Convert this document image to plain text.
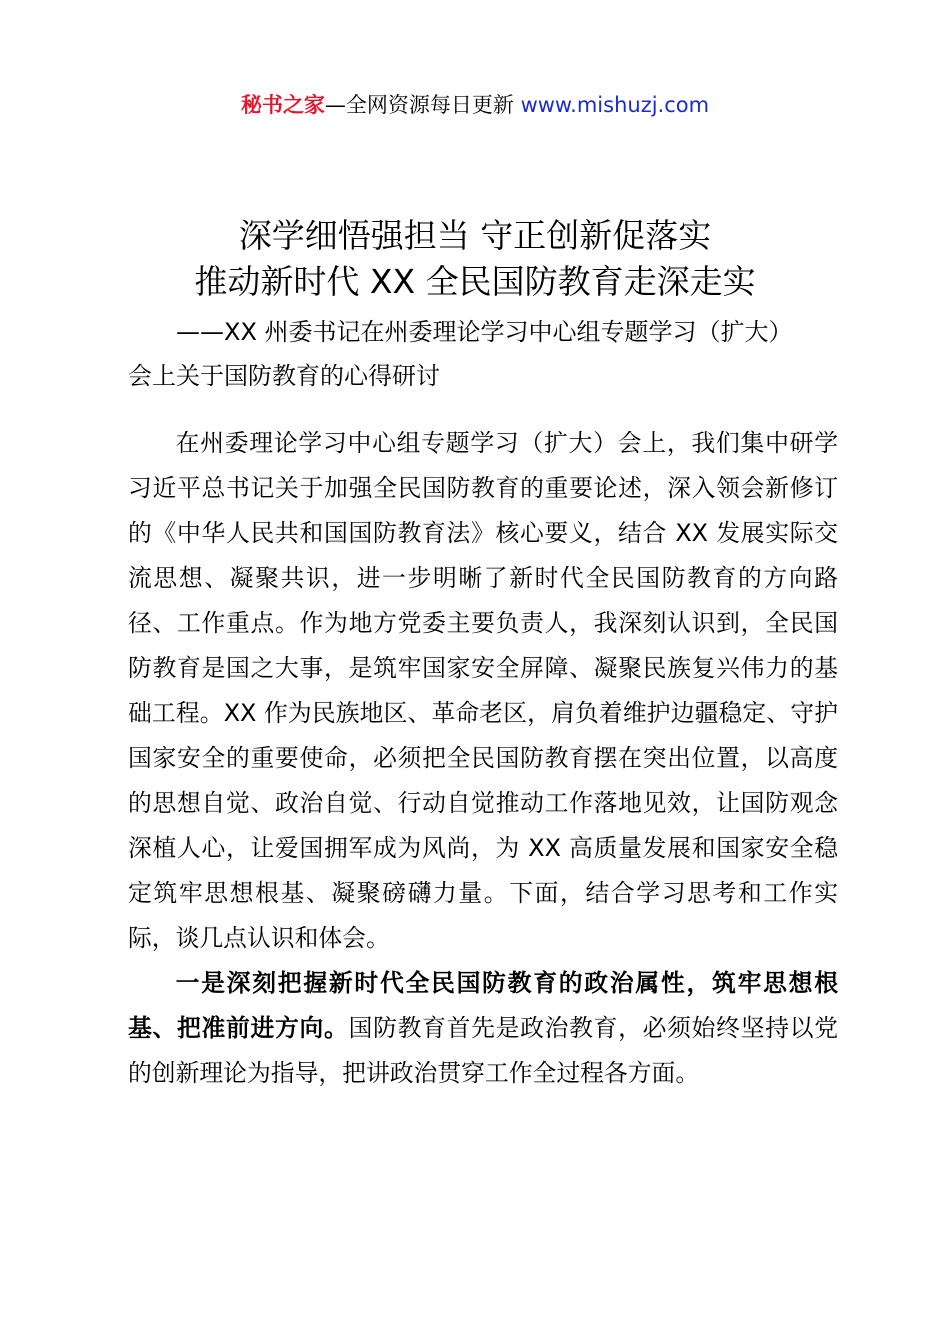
秘书之家—全网资源每日更新 www.mishuzj.com
深学细悟强担当 守正创新促落实
推动新时代 XX 全民国防教育走深走实

——XX 州委书记在州委理论学习中心组专题学习（扩大）

会上关于国防教育的心得研讨

在州委理论学习中心组专题学习（扩大）会上，我们集中研学习近平总书记关于加强全民国防教育的重要论述，深入领会新修订的《中华人民共和国国防教育法》核心要义，结合 XX 发展实际交流思想、凝聚共识，进一步明晰了新时代全民国防教育的方向路径、工作重点。作为地方党委主要负责人，我深刻认识到，全民国防教育是国之大事，是筑牢国家安全屏障、凝聚民族复兴伟力的基础工程。XX 作为民族地区、革命老区，肩负着维护边疆稳定、守护国家安全的重要使命，必须把全民国防教育摆在突出位置，以高度的思想自觉、政治自觉、行动自觉推动工作落地见效，让国防观念深植人心，让爱国拥军成为风尚，为 XX 高质量发展和国家安全稳定筑牢思想根基、凝聚磅礴力量。下面，结合学习思考和工作实际，谈几点认识和体会。

一是深刻把握新时代全民国防教育的政治属性，筑牢思想根基、把准前进方向。国防教育首先是政治教育，必须始终坚持以党的创新理论为指导，把讲政治贯穿工作全过程各方面。
